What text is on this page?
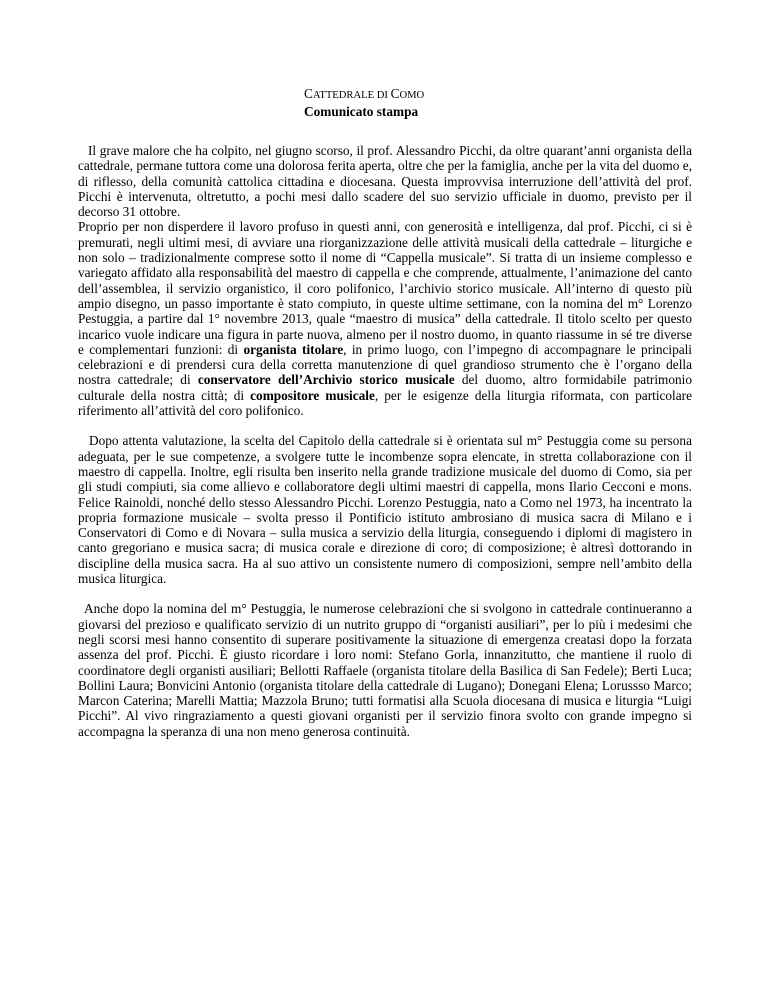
CATTEDRALE DI COMO
Comunicato stampa

Il grave malore che ha colpito, nel giugno scorso, il prof. Alessandro Picchi, da oltre quarant’anni organista della cattedrale, permane tuttora come una dolorosa ferita aperta, oltre che per la famiglia, anche per la vita del duomo e, di riflesso, della comunità cattolica cittadina e diocesana. Questa improvvisa interruzione dell’attività del prof. Picchi è intervenuta, oltretutto, a pochi mesi dallo scadere del suo servizio ufficiale in duomo, previsto per il decorso 31 ottobre.

Proprio per non disperdere il lavoro profuso in questi anni, con generosità e intelligenza, dal prof. Picchi, ci si è premurati, negli ultimi mesi, di avviare una riorganizzazione delle attività musicali della cattedrale – liturgiche e non solo – tradizionalmente comprese sotto il nome di “Cappella musicale”. Si tratta di un insieme complesso e variegato affidato alla responsabilità del maestro di cappella e che comprende, attualmente, l’animazione del canto dell’assemblea, il servizio organistico, il coro polifonico, l’archivio storico musicale. All’interno di questo più ampio disegno, un passo importante è stato compiuto, in queste ultime settimane, con la nomina del m° Lorenzo Pestuggia, a partire dal 1° novembre 2013, quale “maestro di musica” della cattedrale. Il titolo scelto per questo incarico vuole indicare una figura in parte nuova, almeno per il nostro duomo, in quanto riassume in sé tre diverse e complementari funzioni: di organista titolare, in primo luogo, con l’impegno di accompagnare le principali celebrazioni e di prendersi cura della corretta manutenzione di quel grandioso strumento che è l’organo della nostra cattedrale; di conservatore dell’Archivio storico musicale del duomo, altro formidabile patrimonio culturale della nostra città; di compositore musicale, per le esigenze della liturgia riformata, con particolare riferimento all’attività del coro polifonico.

Dopo attenta valutazione, la scelta del Capitolo della cattedrale si è orientata sul m° Pestuggia come su persona adeguata, per le sue competenze, a svolgere tutte le incombenze sopra elencate, in stretta collaborazione con il maestro di cappella. Inoltre, egli risulta ben inserito nella grande tradizione musicale del duomo di Como, sia per gli studi compiuti, sia come allievo e collaboratore degli ultimi maestri di cappella, mons Ilario Cecconi e mons. Felice Rainoldi, nonché dello stesso Alessandro Picchi. Lorenzo Pestuggia, nato a Como nel 1973, ha incentrato la propria formazione musicale – svolta presso il Pontificio istituto ambrosiano di musica sacra di Milano e i Conservatori di Como e di Novara – sulla musica a servizio della liturgia, conseguendo i diplomi di magistero in canto gregoriano e musica sacra; di musica corale e direzione di coro; di composizione; è altresì dottorando in discipline della musica sacra. Ha al suo attivo un consistente numero di composizioni, sempre nell’ambito della musica liturgica.

Anche dopo la nomina del m° Pestuggia, le numerose celebrazioni che si svolgono in cattedrale continueranno a giovarsi del prezioso e qualificato servizio di un nutrito gruppo di “organisti ausiliari”, per lo più i medesimi che negli scorsi mesi hanno consentito di superare positivamente la situazione di emergenza creatasi dopo la forzata assenza del prof. Picchi. È giusto ricordare i loro nomi: Stefano Gorla, innanzitutto, che mantiene il ruolo di coordinatore degli organisti ausiliari; Bellotti Raffaele (organista titolare della Basilica di San Fedele); Berti Luca; Bollini Laura; Bonvicini Antonio (organista titolare della cattedrale di Lugano); Donegani Elena; Lorussso Marco; Marcon Caterina; Marelli Mattia; Mazzola Bruno; tutti formatisi alla Scuola diocesana di musica e liturgia “Luigi Picchi”. Al vivo ringraziamento a questi giovani organisti per il servizio finora svolto con grande impegno si accompagna la speranza di una non meno generosa continuità.
